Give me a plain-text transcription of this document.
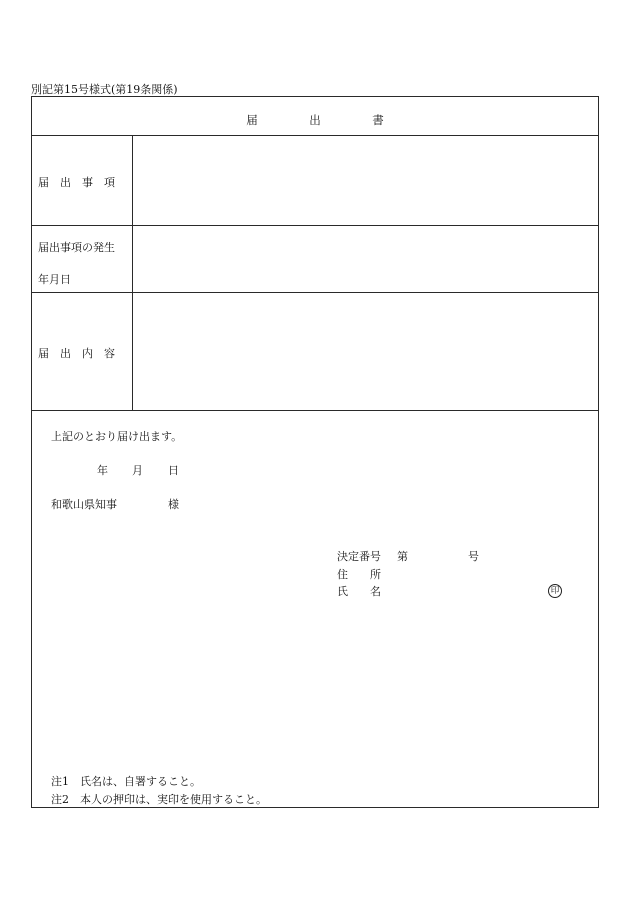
別記第15号様式(第19条関係)
届　出　書
届　出　事　項
届出事項の発生
年月日
届　出　内　容
上記のとおり届け出ます。
年 月 日
和歌山県知事	様
決定番号 第	号
住　　所
氏　　名	印
注1　氏名は、自署すること。
注2　本人の押印は、実印を使用すること。
